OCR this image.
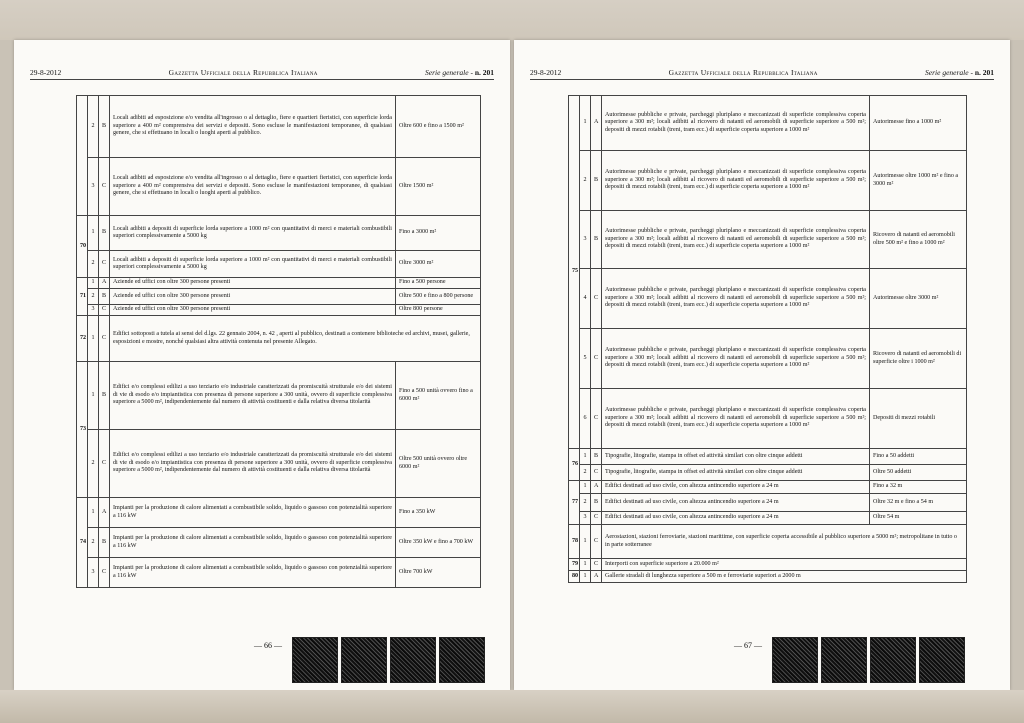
29-8-2012	Gazzetta Ufficiale della Repubblica Italiana	Serie generale - n. 201
	2	B	Locali adibiti ad esposizione e/o vendita all'ingrosso o al dettaglio, fiere e quartieri fieristici, con superficie lorda superiore a 400 m² comprensiva dei servizi e depositi. Sono escluse le manifestazioni temporanee, di qualsiasi genere, che si effettuano in locali o luoghi aperti al pubblico.	Oltre 600 e fino a 1500 m²
	3	C	Locali adibiti ad esposizione e/o vendita all'ingrosso o al dettaglio, fiere e quartieri fieristici, con superficie lorda superiore a 400 m² comprensiva dei servizi e depositi. Sono escluse le manifestazioni temporanee, di qualsiasi genere, che si effettuano in locali o luoghi aperti al pubblico.	Oltre 1500 m²
70	1	B	Locali adibiti a depositi di superficie lorda superiore a 1000 m² con quantitativi di merci e materiali combustibili superiori complessivamente a 5000 kg	Fino a 3000 m²
	2	C	Locali adibiti a depositi di superficie lorda superiore a 1000 m² con quantitativi di merci e materiali combustibili superiori complessivamente a 5000 kg	Oltre 3000 m²
71	1	A	Aziende ed uffici con oltre 300 persone presenti	Fino a 500 persone
	2	B	Aziende ed uffici con oltre 300 persone presenti	Oltre 500 e fino a 800 persone
	3	C	Aziende ed uffici con oltre 300 persone presenti	Oltre 800 persone
72	1	C	Edifici sottoposti a tutela ai sensi del d.lgs. 22 gennaio 2004, n. 42 , aperti al pubblico, destinati a contenere biblioteche ed archivi, musei, gallerie, esposizioni e mostre, nonché qualsiasi altra attività contenuta nel presente Allegato.	
73	1	B	Edifici e/o complessi edilizi a uso terziario e/o industriale caratterizzati da promiscuità strutturale e/o dei sistemi di vie di esodo e/o impiantistica con presenza di persone superiore a 300 unità, ovvero di superficie complessiva superiore a 5000 m², indipendentemente dal numero di attività costituenti e dalla relativa diversa titolarità	Fino a 500 unità ovvero fino a 6000 m²
	2	C	Edifici e/o complessi edilizi a uso terziario e/o industriale caratterizzati da promiscuità strutturale e/o dei sistemi di vie di esodo e/o impiantistica con presenza di persone superiore a 300 unità, ovvero di superficie complessiva superiore a 5000 m², indipendentemente dal numero di attività costituenti e dalla relativa diversa titolarità	Oltre 500 unità ovvero oltre 6000 m²
74	1	A	Impianti per la produzione di calore alimentati a combustibile solido, liquido o gassoso con potenzialità superiore a 116 kW	Fino a 350 kW
	2	B	Impianti per la produzione di calore alimentati a combustibile solido, liquido o gassoso con potenzialità superiore a 116 kW	Oltre 350 kW e fino a 700 kW
	3	C	Impianti per la produzione di calore alimentati a combustibile solido, liquido o gassoso con potenzialità superiore a 116 kW	Oltre 700 kW
— 66 —
29-8-2012	Gazzetta Ufficiale della Repubblica Italiana	Serie generale - n. 201
75	1	A	Autorimesse pubbliche e private, parcheggi pluriplano e meccanizzati di superficie complessiva coperta superiore a 300 m²; locali adibiti al ricovero di natanti ed aeromobili di superficie superiore a 500 m²; depositi di mezzi rotabili (treni, tram ecc.) di superficie coperta superiore a 1000 m²	Autorimesse fino a 1000 m²
	2	B	Autorimesse pubbliche e private, parcheggi pluriplano e meccanizzati di superficie complessiva coperta superiore a 300 m²; locali adibiti al ricovero di natanti ed aeromobili di superficie superiore a 500 m²; depositi di mezzi rotabili (treni, tram ecc.) di superficie coperta superiore a 1000 m²	Autorimesse oltre 1000 m² e fino a 3000 m²
	3	B	Autorimesse pubbliche e private, parcheggi pluriplano e meccanizzati di superficie complessiva coperta superiore a 300 m²; locali adibiti al ricovero di natanti ed aeromobili di superficie superiore a 500 m²; depositi di mezzi rotabili (treni, tram ecc.) di superficie coperta superiore a 1000 m²	Ricovero di natanti ed aeromobili oltre 500 m² e fino a 1000 m²
	4	C	Autorimesse pubbliche e private, parcheggi pluriplano e meccanizzati di superficie complessiva coperta superiore a 300 m²; locali adibiti al ricovero di natanti ed aeromobili di superficie superiore a 500 m²; depositi di mezzi rotabili (treni, tram ecc.) di superficie coperta superiore a 1000 m²	Autorimesse oltre 3000 m²
	5	C	Autorimesse pubbliche e private, parcheggi pluriplano e meccanizzati di superficie complessiva coperta superiore a 300 m²; locali adibiti al ricovero di natanti ed aeromobili di superficie superiore a 500 m²; depositi di mezzi rotabili (treni, tram ecc.) di superficie coperta superiore a 1000 m²	Ricovero di natanti ed aeromobili di superficie oltre i 1000 m²
	6	C	Autorimesse pubbliche e private, parcheggi pluriplano e meccanizzati di superficie complessiva coperta superiore a 300 m²; locali adibiti al ricovero di natanti ed aeromobili di superficie superiore a 500 m²; depositi di mezzi rotabili (treni, tram ecc.) di superficie coperta superiore a 1000 m²	Depositi di mezzi rotabili
76	1	B	Tipografie, litografie, stampa in offset ed attività similari con oltre cinque addetti	Fino a 50 addetti
	2	C	Tipografie, litografie, stampa in offset ed attività similari con oltre cinque addetti	Oltre 50 addetti
77	1	A	Edifici destinati ad uso civile, con altezza antincendio superiore a 24 m	Fino a 32 m
	2	B	Edifici destinati ad uso civile, con altezza antincendio superiore a 24 m	Oltre 32 m e fino a 54 m
	3	C	Edifici destinati ad uso civile, con altezza antincendio superiore a 24 m	Oltre 54 m
78	1	C	Aerostazioni, stazioni ferroviarie, stazioni marittime, con superficie coperta accessibile al pubblico superiore a 5000 m²; metropolitane in tutto o in parte sotterranee	
79	1	C	Interporti con superficie superiore a 20.000 m²	
80	1	A	Gallerie stradali di lunghezza superiore a 500 m e ferroviarie superiori a 2000 m	
— 67 —
